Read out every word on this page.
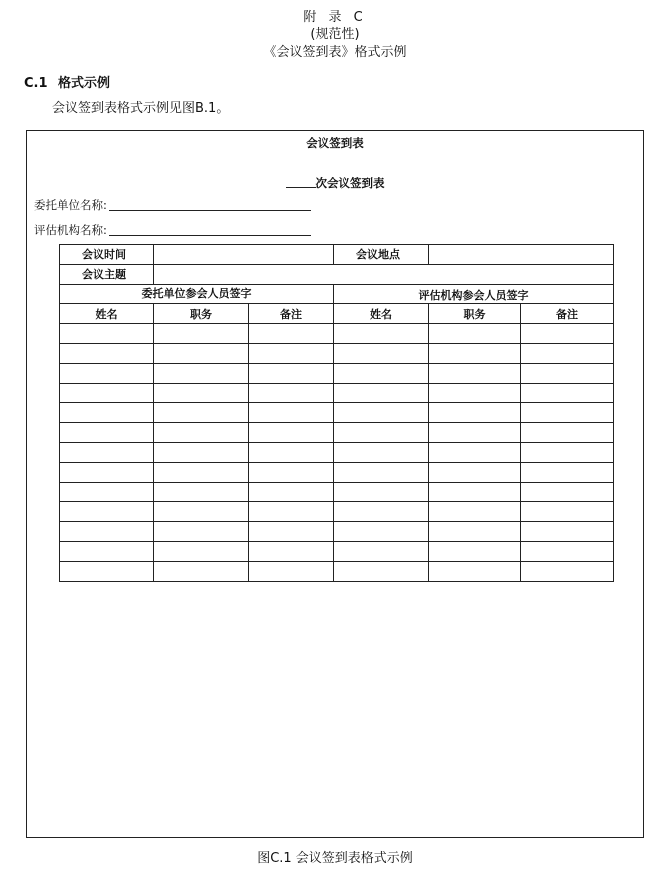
附 录 C
(规范性)
《会议签到表》格式示例
C.1 格式示例
会议签到表格式示例见图B.1。
会议签到表
次会议签到表
委托单位名称:
评估机构名称:
会议时间			会议地点		
会议主题					
委托单位参会人员签字			评估机构参会人员签字		
姓名	职务	备注	姓名	职务	备注

图C.1 会议签到表格式示例
